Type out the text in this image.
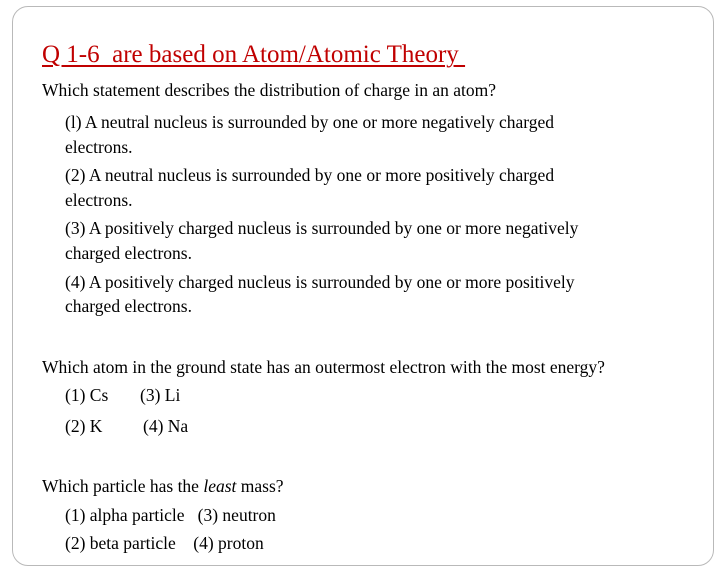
Q 1-6  are based on Atom/Atomic Theory
Which statement describes the distribution of charge in an atom?
(l) A neutral nucleus is surrounded by one or more negatively charged
electrons.
(2) A neutral nucleus is surrounded by one or more positively charged
electrons.
(3) A positively charged nucleus is surrounded by one or more negatively
charged electrons.
(4) A positively charged nucleus is surrounded by one or more positively
charged electrons.
Which atom in the ground state has an outermost electron with the most energy?
(1) Cs (3) Li
(2) K (4) Na
Which particle has the least mass?
(1) alpha particle   (3) neutron
(2) beta particle    (4) proton
